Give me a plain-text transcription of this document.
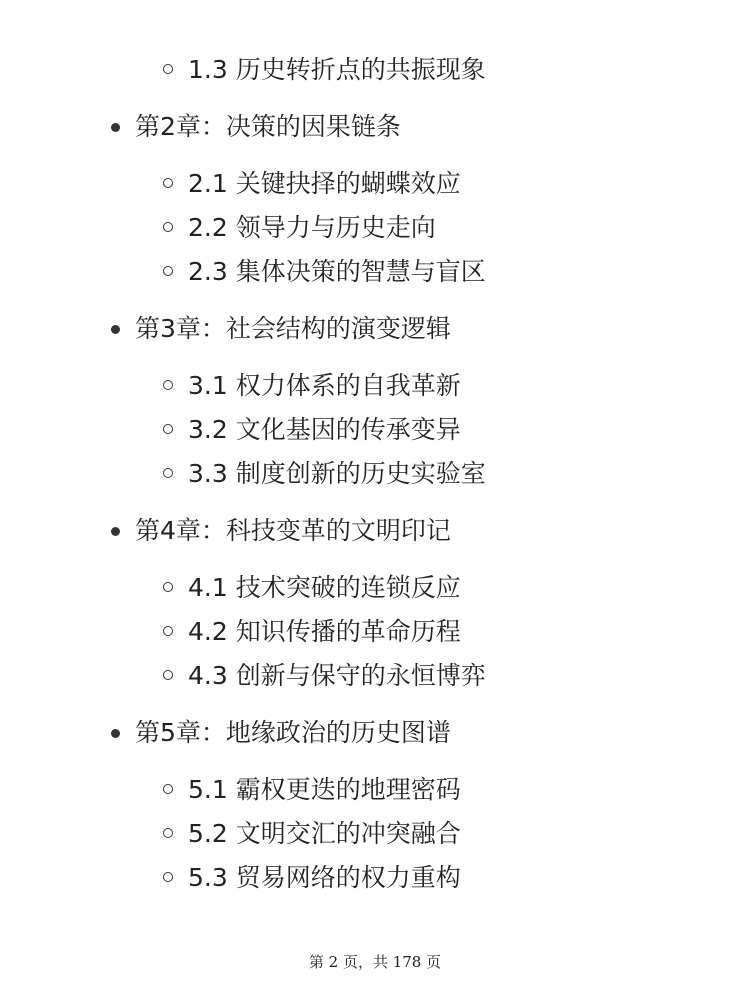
1.3 历史转折点的共振现象
第2章：决策的因果链条
2.1 关键抉择的蝴蝶效应
2.2 领导力与历史走向
2.3 集体决策的智慧与盲区
第3章：社会结构的演变逻辑
3.1 权力体系的自我革新
3.2 文化基因的传承变异
3.3 制度创新的历史实验室
第4章：科技变革的文明印记
4.1 技术突破的连锁反应
4.2 知识传播的革命历程
4.3 创新与保守的永恒博弈
第5章：地缘政治的历史图谱
5.1 霸权更迭的地理密码
5.2 文明交汇的冲突融合
5.3 贸易网络的权力重构
第 2 页，共 178 页
